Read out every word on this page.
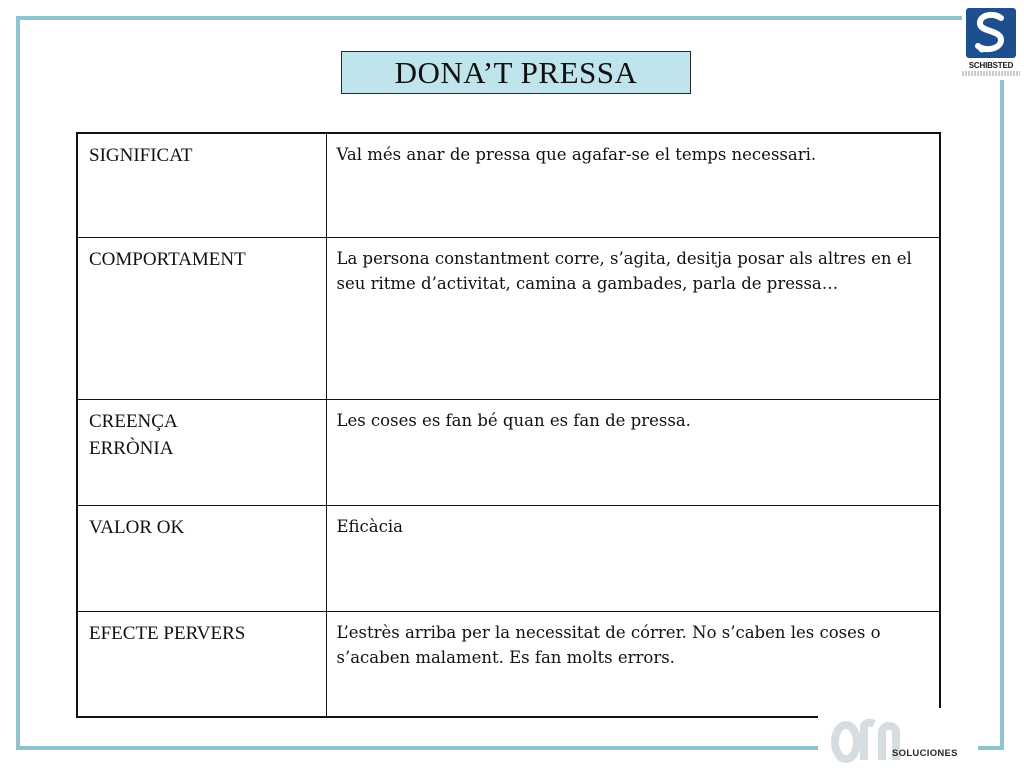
SCHIBSTED
DONA’T PRESSA
SIGNIFICAT	Val més anar de pressa que agafar-se el temps necessari.
COMPORTAMENT	La persona constantment corre, s’agita, desitja posar als altres en el seu ritme d’activitat, camina a gambades, parla de pressa…

CREENÇA
ERRÒNIA	Les coses es fan bé quan es fan de pressa.
VALOR OK	Eficàcia
EFECTE PERVERS	L’estrès arriba per la necessitat de córrer. No s’caben les coses o s’acaben malament. Es fan molts errors.
SOLUCIONES
